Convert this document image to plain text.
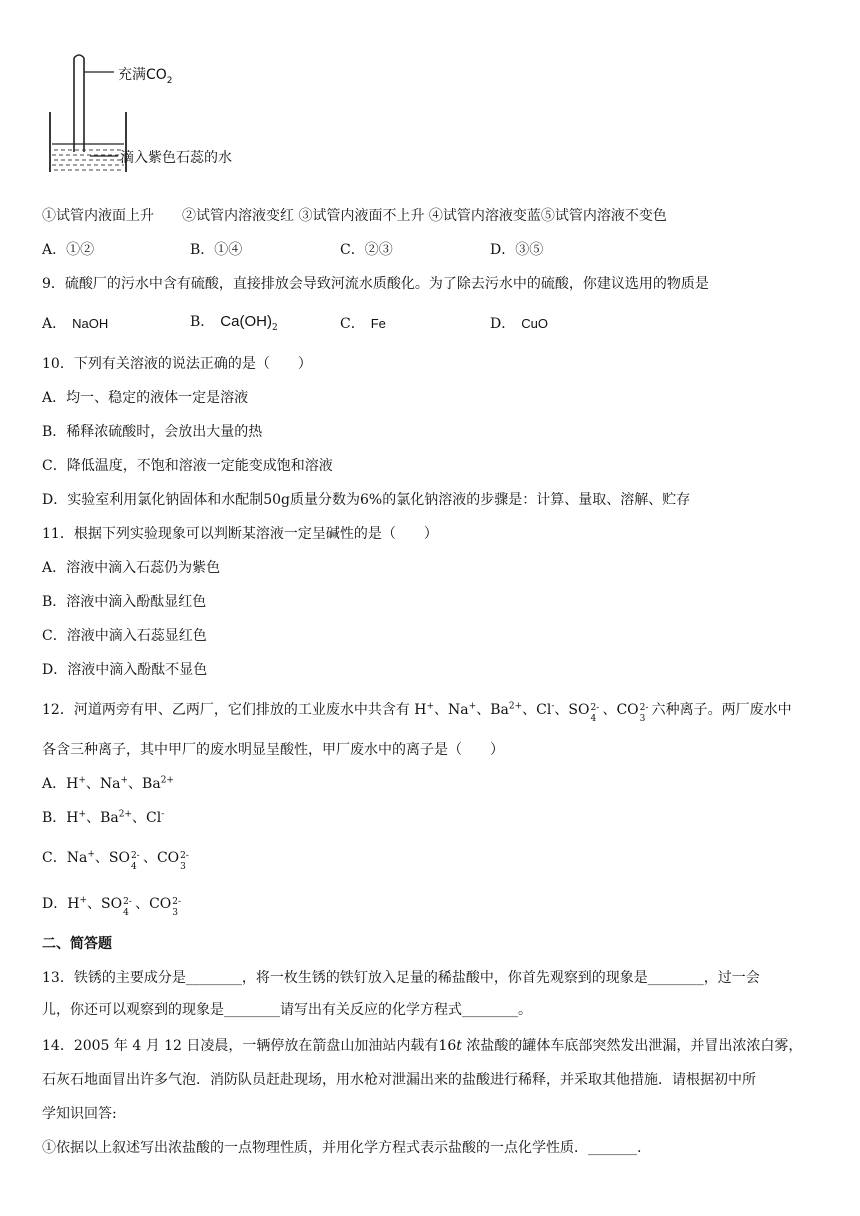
充满$CO_2$
滴入紫色石蕊的水
①试管内液面上升　　②试管内溶液变红 ③试管内液面不上升 ④试管内溶液变蓝⑤试管内溶液不变色
A．①②	B．①④	C．②③	D．③⑤
9．硫酸厂的污水中含有硫酸，直接排放会导致河流水质酸化。为了除去污水中的硫酸，你建议选用的物质是
A． NaOH	B． $Ca(OH)_2$	C． Fe	D． CuO
10．下列有关溶液的说法正确的是（　　）
A．均一、稳定的液体一定是溶液
B．稀释浓硫酸时，会放出大量的热
C．降低温度，不饱和溶液一定能变成饱和溶液
D．实验室利用氯化钠固体和水配制50g质量分数为6%的氯化钠溶液的步骤是：计算、量取、溶解、贮存
11．根据下列实验现象可以判断某溶液一定呈碱性的是（　　）
A．溶液中滴入石蕊仍为紫色
B．溶液中滴入酚酞显红色
C．溶液中滴入石蕊显红色
D．溶液中滴入酚酞不显色
12．河道两旁有甲、乙两厂，它们排放的工业废水中共含有 H+、Na+、$Ba^{2+}$、Cl-、SO 2-
4
、CO 2-
3
六种离子。两厂废水中
各含三种离子，其中甲厂的废水明显呈酸性，甲厂废水中的离子是（　　）
A．H+、Na+、$Ba^{2+}$
B．H+、$Ba^{2+}$、Cl-
C．Na+、SO 2-
4
、CO 2-
3
D．H+、SO 2-
4
、CO 2-
3
二、简答题
13．铁锈的主要成分是________，将一枚生锈的铁钉放入足量的稀盐酸中，你首先观察到的现象是________，过一会
儿，你还可以观察到的现象是________请写出有关反应的化学方程式________。
14．2005 年 4 月 12 日凌晨，一辆停放在箭盘山加油站内载有16t 浓盐酸的罐体车底部突然发出泄漏，并冒出浓浓白雾，
石灰石地面冒出许多气泡．消防队员赶赴现场，用水枪对泄漏出来的盐酸进行稀释，并采取其他措施．请根据初中所
学知识回答:
①依据以上叙述写出浓盐酸的一点物理性质，并用化学方程式表示盐酸的一点化学性质．_______.
